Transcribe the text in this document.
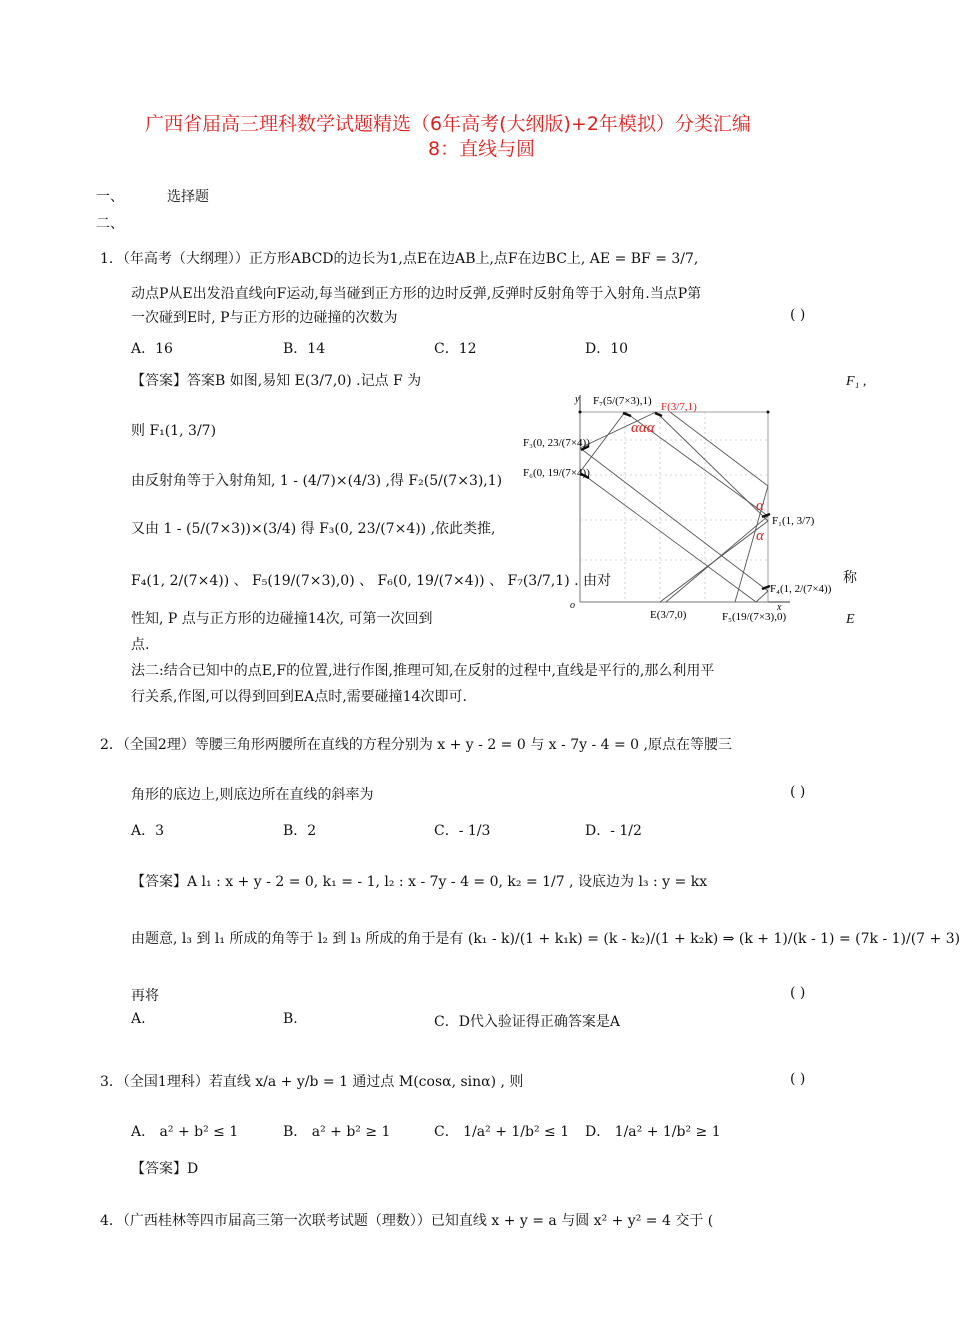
广西省届高三理科数学试题精选（6年高考(大纲版)+2年模拟）分类汇编
8：直线与圆
一、	选择题
二、
1．（年高考（大纲理））正方形ABCD的边长为1,点E在边AB上,点F在边BC上, AE = BF = 3/7,
动点P从E出发沿直线向F运动,每当碰到正方形的边时反弹,反弹时反射角等于入射角.当点P第
一次碰到E时, P与正方形的边碰撞的次数为	( )
A．16	B．14	C．12	D．10
【答案】答案B 如图,易知 E(3/7,0) .记点 F 为	F₁ ,
则 F₁(1, 3/7)
由反射角等于入射角知, 1 - (4/7)×(4/3) ,得 F₂(5/(7×3),1)
又由 1 - (5/(7×3))×(3/4) 得 F₃(0, 23/(7×4)) ,依此类推,
F₄(1, 2/(7×4)) 、 F₅(19/(7×3),0) 、 F₆(0, 19/(7×4)) 、 F₇(3/7,1) . 由对	称
性知, P 点与正方形的边碰撞14次, 可第一次回到	E
点.
法二:结合已知中的点E,F的位置,进行作图,推理可知,在反射的过程中,直线是平行的,那么利用平
行关系,作图,可以得到回到EA点时,需要碰撞14次即可.
F₇(5/(7×3),1) F(3/7,1)
ααα
F₃(0, 23/(7×4))
F₆(0, 19/(7×4))
α
F₁(1, 3/7)
α
F₄(1, 2/(7×4))
o	x
y
E(3/7,0)	F₅(19/(7×3),0)
2．（全国2理）等腰三角形两腰所在直线的方程分别为 x + y - 2 = 0 与 x - 7y - 4 = 0 ,原点在等腰三
角形的底边上,则底边所在直线的斜率为	( )
A．3	B．2	C．- 1/3	D．- 1/2
【答案】A l₁ : x + y - 2 = 0, k₁ = - 1, l₂ : x - 7y - 4 = 0, k₂ = 1/7 , 设底边为 l₃ : y = kx
由题意, l₃ 到 l₁ 所成的角等于 l₂ 到 l₃ 所成的角于是有 (k₁ - k)/(1 + k₁k) = (k - k₂)/(1 + k₂k) ⇒ (k + 1)/(k - 1) = (7k - 1)/(7 + 3)
再将	( )
A.	B.	C．D代入验证得正确答案是A
3．（全国1理科）若直线 x/a + y/b = 1 通过点 M(cosα, sinα) , 则	( )
A． a² + b² ≤ 1	B． a² + b² ≥ 1	C． 1/a² + 1/b² ≤ 1 D． 1/a² + 1/b² ≥ 1
【答案】D
4．（广西桂林等四市届高三第一次联考试题（理数））已知直线 x + y = a 与圆 x² + y² = 4 交于 (
